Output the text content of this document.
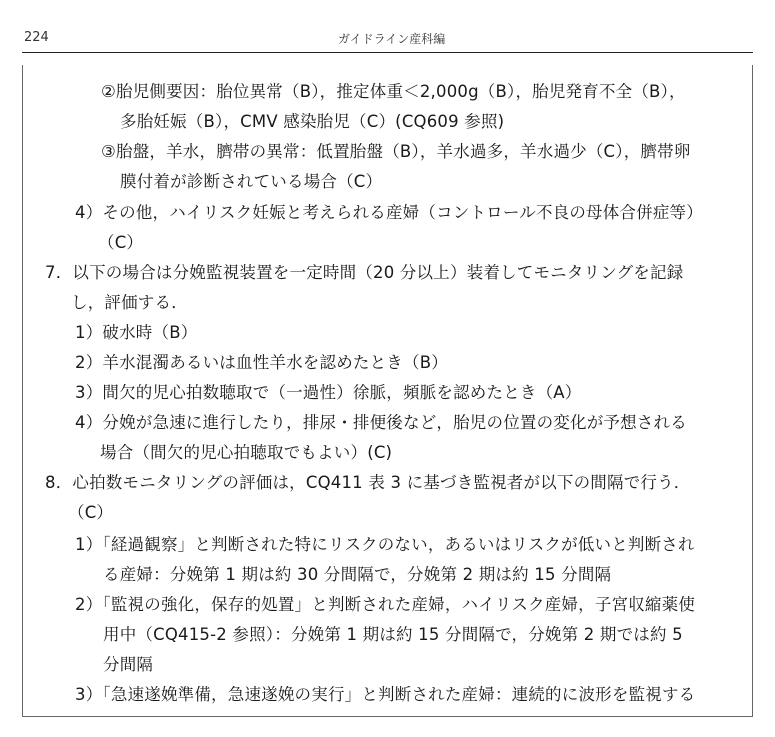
224	ガイドライン産科編
②胎児側要因：胎位異常（B），推定体重＜2,000g（B），胎児発育不全（B），
多胎妊娠（B），CMV 感染胎児（C）(CQ609 参照)
③胎盤，羊水，臍帯の異常：低置胎盤（B），羊水過多，羊水過少（C），臍帯卵
膜付着が診断されている場合（C）
4）その他，ハイリスク妊娠と考えられる産婦（コントロール不良の母体合併症等）
（C）
7．以下の場合は分娩監視装置を一定時間（20 分以上）装着してモニタリングを記録
し，評価する．
1）破水時（B）
2）羊水混濁あるいは血性羊水を認めたとき（B）
3）間欠的児心拍数聴取で（一過性）徐脈，頻脈を認めたとき（A）
4）分娩が急速に進行したり，排尿・排便後など，胎児の位置の変化が予想される
場合（間欠的児心拍聴取でもよい）(C)
8．心拍数モニタリングの評価は，CQ411 表 3 に基づき監視者が以下の間隔で行う．
（C）
1）「経過観察」と判断された特にリスクのない，あるいはリスクが低いと判断され
る産婦：分娩第 1 期は約 30 分間隔で，分娩第 2 期は約 15 分間隔
2）「監視の強化，保存的処置」と判断された産婦，ハイリスク産婦，子宮収縮薬使
用中（CQ415-2 参照）：分娩第 1 期は約 15 分間隔で，分娩第 2 期では約 5
分間隔
3）「急速遂娩準備，急速遂娩の実行」と判断された産婦：連続的に波形を監視する
